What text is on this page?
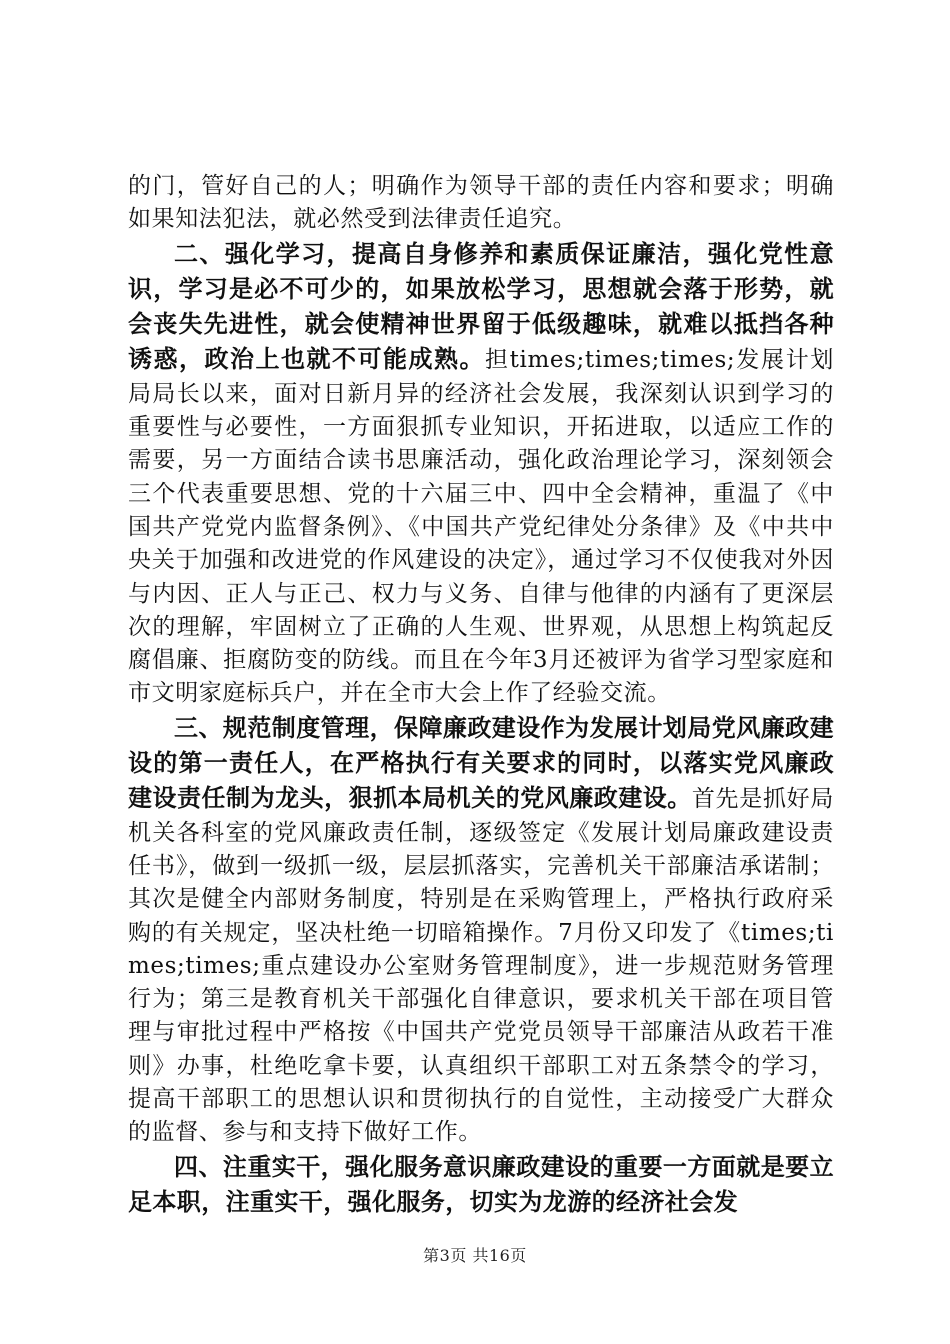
的门，管好自己的人；明确作为领导干部的责任内容和要求；明确如果知法犯法，就必然受到法律责任追究。

二、强化学习，提高自身修养和素质保证廉洁，强化党性意识，学习是必不可少的，如果放松学习，思想就会落于形势，就会丧失先进性，就会使精神世界留于低级趣味，就难以抵挡各种诱惑，政治上也就不可能成熟。担times;times;times;发展计划局局长以来，面对日新月异的经济社会发展，我深刻认识到学习的重要性与必要性，一方面狠抓专业知识，开拓进取，以适应工作的需要，另一方面结合读书思廉活动，强化政治理论学习，深刻领会三个代表重要思想、党的十六届三中、四中全会精神，重温了《中国共产党党内监督条例》、《中国共产党纪律处分条律》及《中共中央关于加强和改进党的作风建设的决定》，通过学习不仅使我对外因与内因、正人与正己、权力与义务、自律与他律的内涵有了更深层次的理解，牢固树立了正确的人生观、世界观，从思想上构筑起反腐倡廉、拒腐防变的防线。而且在今年3月还被评为省学习型家庭和市文明家庭标兵户，并在全市大会上作了经验交流。

三、规范制度管理，保障廉政建设作为发展计划局党风廉政建设的第一责任人，在严格执行有关要求的同时，以落实党风廉政建设责任制为龙头，狠抓本局机关的党风廉政建设。首先是抓好局机关各科室的党风廉政责任制，逐级签定《发展计划局廉政建设责任书》，做到一级抓一级，层层抓落实，完善机关干部廉洁承诺制；其次是健全内部财务制度，特别是在采购管理上，严格执行政府采购的有关规定，坚决杜绝一切暗箱操作。7月份又印发了《times;times;times;重点建设办公室财务管理制度》，进一步规范财务管理行为；第三是教育机关干部强化自律意识，要求机关干部在项目管理与审批过程中严格按《中国共产党党员领导干部廉洁从政若干准则》办事，杜绝吃拿卡要，认真组织干部职工对五条禁令的学习，提高干部职工的思想认识和贯彻执行的自觉性，主动接受广大群众的监督、参与和支持下做好工作。

四、注重实干，强化服务意识廉政建设的重要一方面就是要立足本职，注重实干，强化服务，切实为龙游的经济社会发

第3页 共16页
